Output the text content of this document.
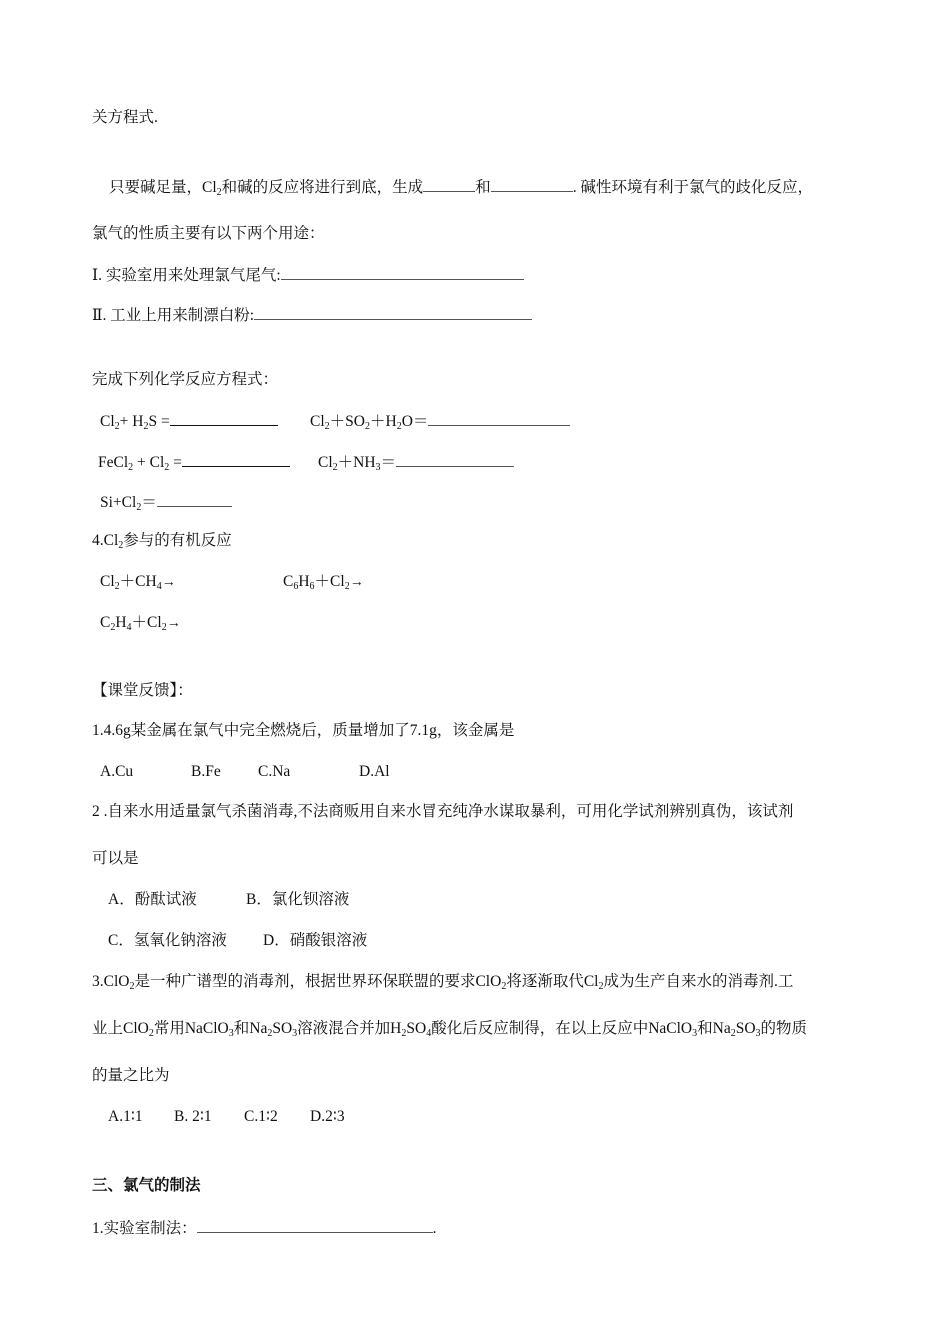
关方程式.
只要碱足量，$Cl_2$和碱的反应将进行到底，生成	和	. 碱性环境有利于氯气的歧化反应，
氯气的性质主要有以下两个用途：
Ⅰ. 实验室用来处理氯气尾气:
Ⅱ. 工业上用来制漂白粉:
完成下列化学反应方程式：
$Cl_2+ H_2S$ =	$Cl_2+SO_2+H_2O=$
FeCl$_2$ + $Cl_2$ =	$Cl_2+NH_3=$
$Si+Cl_2=$
$4.Cl_2$参与的有机反应
$Cl_2+CH_4\to$	$C_6H_6+Cl_2\to$
$C_2H_4+Cl_2\to$
【课堂反馈】：
1.4.6g某金属在氯气中完全燃烧后，质量增加了7.1g，该金属是
A.Cu	B.Fe C.Na	D.Al
2 .自来水用适量氯气杀菌消毒,不法商贩用自来水冒充纯净水谋取暴利，可用化学试剂辨别真伪，该试剂
可以是
A．酚酞试液	B．氯化钡溶液
C．氢氧化钠溶液 D．硝酸银溶液
3.ClO$_2$是一种广谱型的消毒剂，根据世界环保联盟的要求ClO$_2$将逐渐取代$Cl_2$成为生产自来水的消毒剂.工
业上ClO$_2$常用NaClO$_3$和$Na_2SO_3$溶液混合并加$H_2SO_4$酸化后反应制得，在以上反应中NaClO$_3$和$Na_2SO_3$的物质
的量之比为
A.1∶1 B. 2∶1 C.1∶2 D.2∶3
三、氯气的制法
1.实验室制法：	.
